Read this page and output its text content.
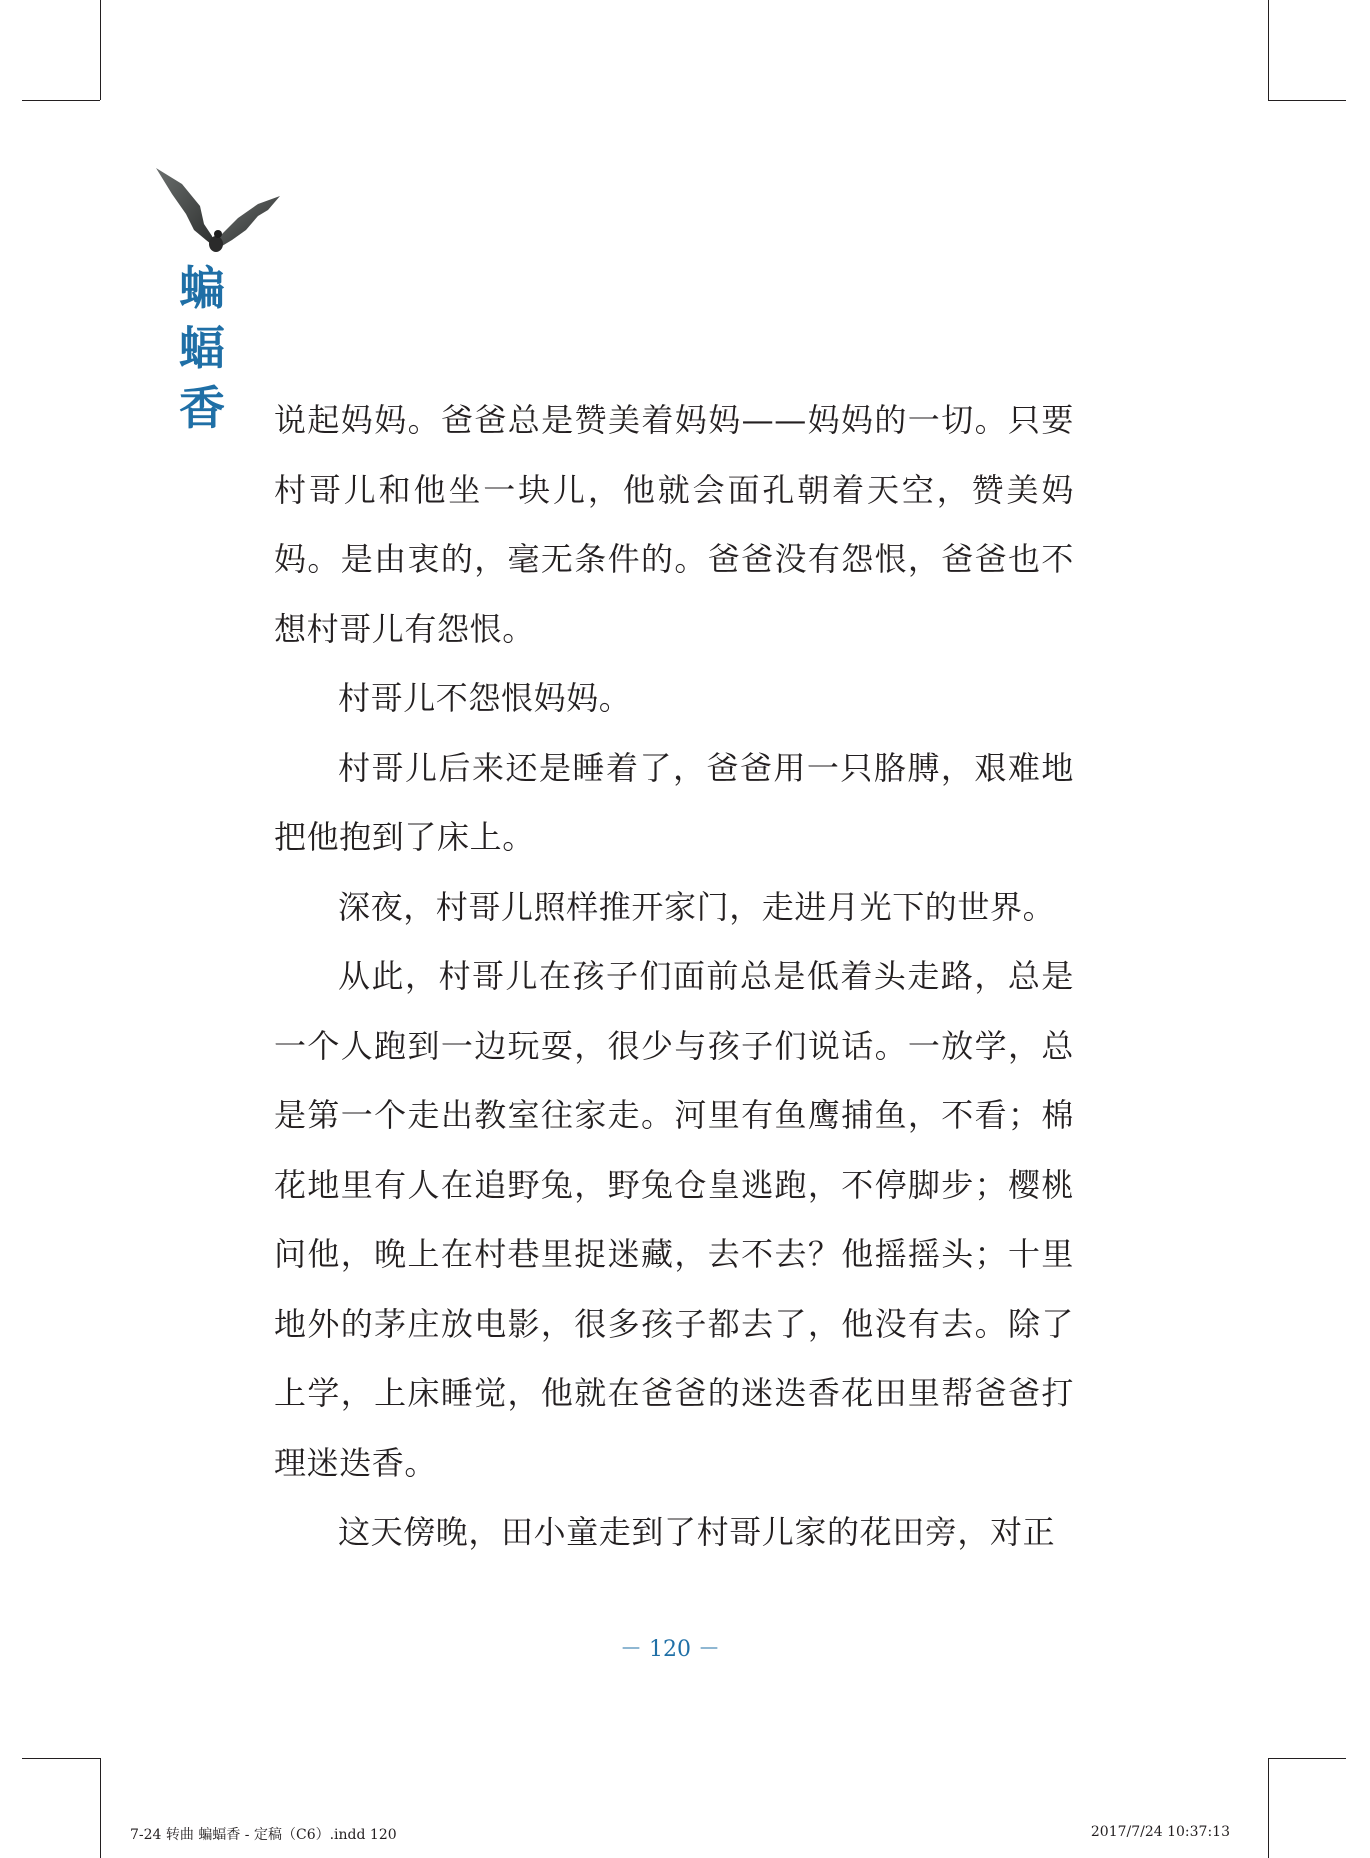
蝙
蝠
香 说起妈妈。爸爸总是赞美着妈妈——妈妈的一切。只要村哥儿和他坐一块儿，他就会面孔朝着天空，赞美妈妈。是由衷的，毫无条件的。爸爸没有怨恨，爸爸也不想村哥儿有怨恨。

村哥儿不怨恨妈妈。

村哥儿后来还是睡着了，爸爸用一只胳膊，艰难地把他抱到了床上。

深夜，村哥儿照样推开家门，走进月光下的世界。

从此，村哥儿在孩子们面前总是低着头走路，总是一个人跑到一边玩耍，很少与孩子们说话。一放学，总是第一个走出教室往家走。河里有鱼鹰捕鱼，不看；棉花地里有人在追野兔，野兔仓皇逃跑，不停脚步；樱桃问他，晚上在村巷里捉迷藏，去不去？他摇摇头；十里地外的茅庄放电影，很多孩子都去了，他没有去。除了上学，上床睡觉，他就在爸爸的迷迭香花田里帮爸爸打理迷迭香。

这天傍晚，田小童走到了村哥儿家的花田旁，对正

－ 120 －
7-24 转曲 蝙蝠香 - 定稿（C6）.indd 120	2017/7/24 10:37:13
